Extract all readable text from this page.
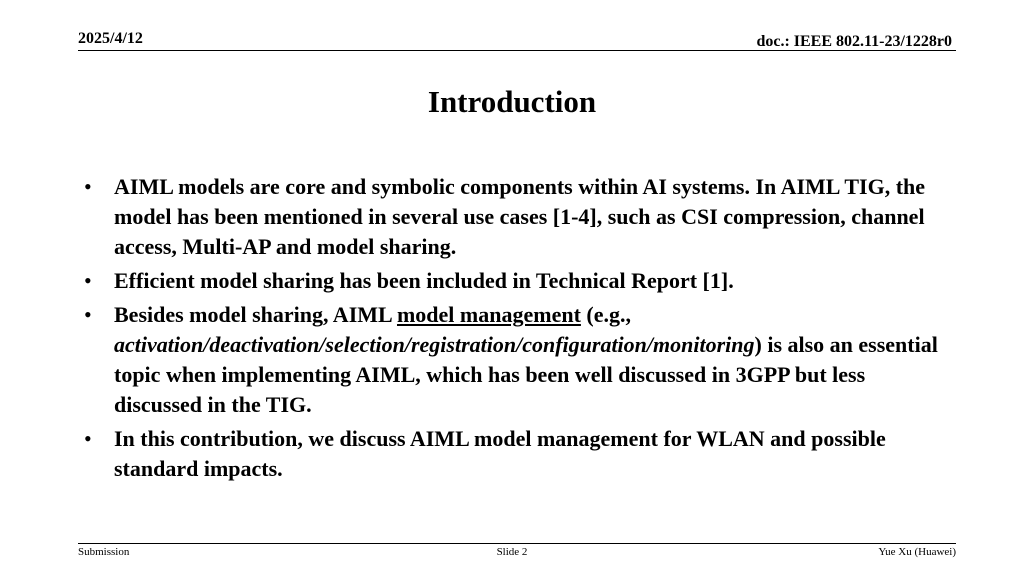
2025/4/12	doc.: IEEE 802.11-23/1228r0
Introduction
•	AIML models are core and symbolic components within AI systems. In AIML TIG, the model has been mentioned in several use cases [1-4], such as CSI compression, channel access, Multi-AP and model sharing.
•	Efficient model sharing has been included in Technical Report [1].
•	Besides model sharing, AIML model management (e.g., activation/deactivation/selection/registration/configuration/monitoring) is also an essential topic when implementing AIML, which has been well discussed in 3GPP but less discussed in the TIG.
•	In this contribution, we discuss AIML model management for WLAN and possible standard impacts.
Submission	Slide 2	Yue Xu (Huawei)
